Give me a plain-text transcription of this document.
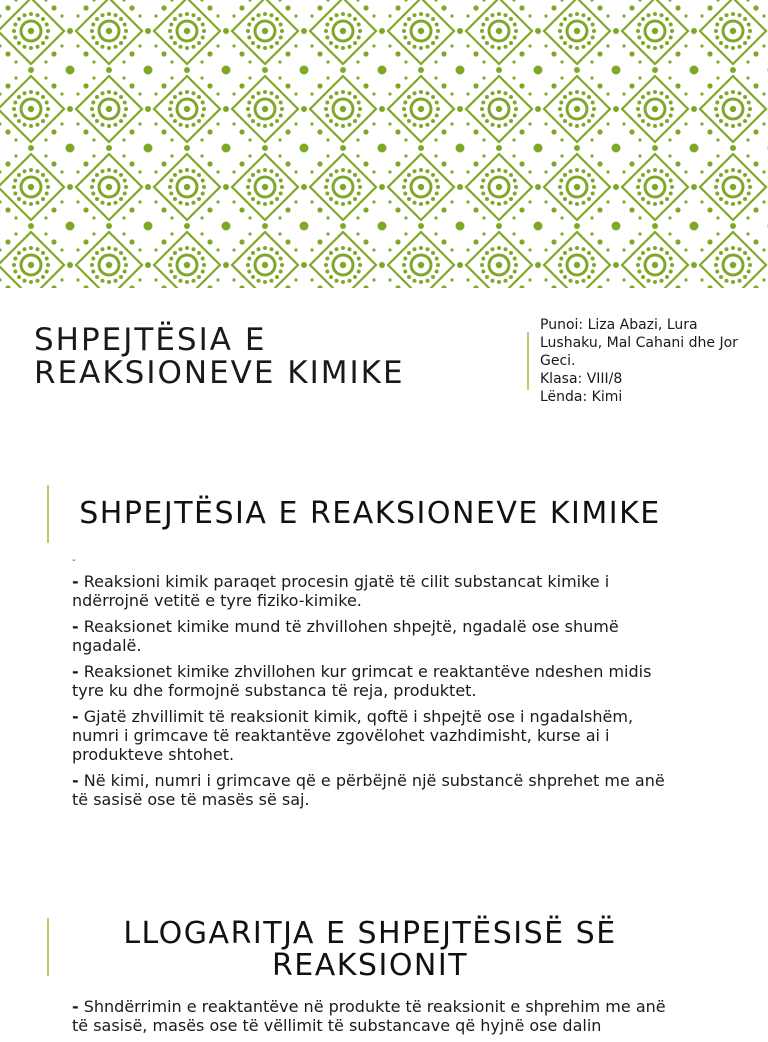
SHPEJTËSIA E REAKSIONEVE KIMIKE
Punoi: Liza Abazi, Lura Lushaku, Mal Cahani dhe Jor Geci.
Klasa: VIII/8
Lënda: Kimi
SHPEJTËSIA E REAKSIONEVE KIMIKE
-
- Reaksioni kimik paraqet procesin gjatë të cilit substancat kimike i ndërrojnë vetitë e tyre fiziko-kimike.
- Reaksionet kimike mund të zhvillohen shpejtë, ngadalë ose shumë ngadalë.
- Reaksionet kimike zhvillohen kur grimcat e reaktantëve ndeshen midis tyre ku dhe formojnë substanca të reja, produktet.
- Gjatë zhvillimit të reaksionit kimik, qoftë i shpejtë ose i ngadalshëm, numri i grimcave të reaktantëve zgovëlohet vazhdimisht, kurse ai i produkteve shtohet.
- Në kimi, numri i grimcave që e përbëjnë një substancë shprehet me anë të sasisë ose të masës së saj.
LLOGARITJA E SHPEJTËSISË SË REAKSIONIT
- Shndërrimin e reaktantëve në produkte të reaksionit e shprehim me anë të sasisë, masës ose të vëllimit të substancave që hyjnë ose dalin
